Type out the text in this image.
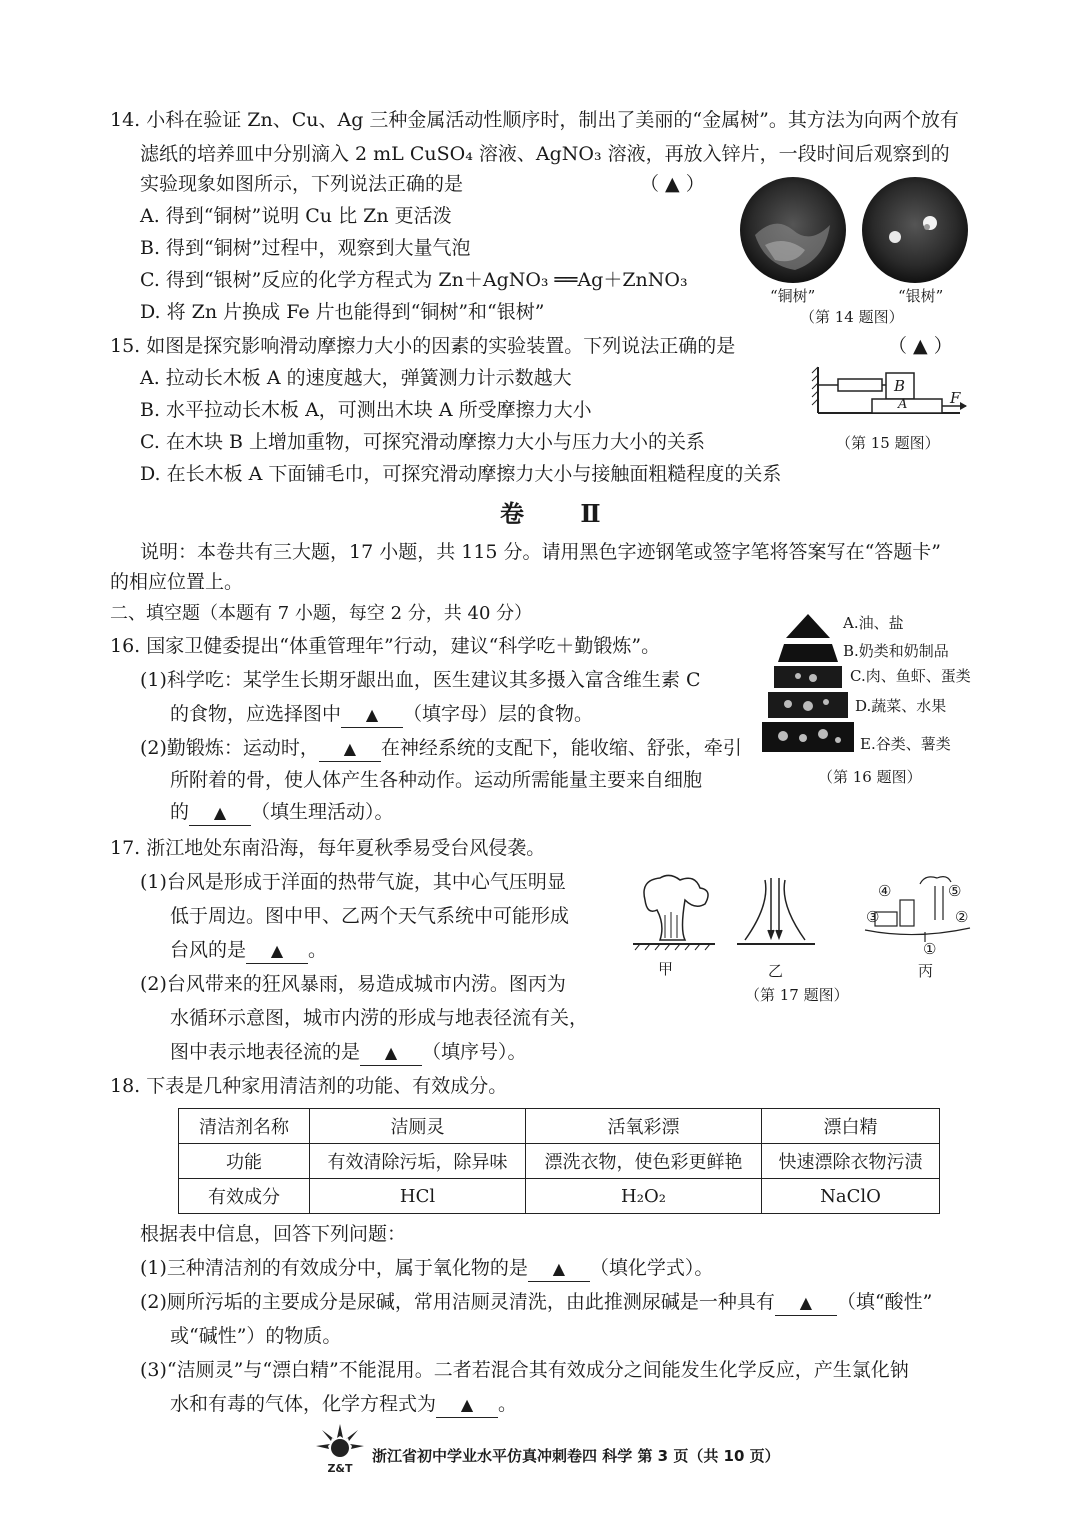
14. 小科在验证 Zn、Cu、Ag 三种金属活动性顺序时，制出了美丽的“金属树”。其方法为向两个放有
滤纸的培养皿中分别滴入 2 mL CuSO₄ 溶液、AgNO₃ 溶液，再放入锌片，一段时间后观察到的
实验现象如图所示，下列说法正确的是	（ ▲ ）
A. 得到“铜树”说明 Cu 比 Zn 更活泼
B. 得到“铜树”过程中，观察到大量气泡
C. 得到“银树”反应的化学方程式为 Zn＋AgNO₃ ══Ag＋ZnNO₃
D. 将 Zn 片换成 Fe 片也能得到“铜树”和“银树”
“铜树”	“银树”
（第 14 题图）
15. 如图是探究影响滑动摩擦力大小的因素的实验装置。下列说法正确的是	（ ▲ ）
A. 拉动长木板 A 的速度越大，弹簧测力计示数越大
B. 水平拉动长木板 A，可测出木块 A 所受摩擦力大小
C. 在木块 B 上增加重物，可探究滑动摩擦力大小与压力大小的关系
D. 在长木板 A 下面铺毛巾，可探究滑动摩擦力大小与接触面粗糙程度的关系
B
A	F
（第 15 题图）
卷 Ⅱ
说明：本卷共有三大题，17 小题，共 115 分。请用黑色字迹钢笔或签字笔将答案写在“答题卡”
的相应位置上。
二、填空题（本题有 7 小题，每空 2 分，共 40 分）
16. 国家卫健委提出“体重管理年”行动，建议“科学吃＋勤锻炼”。
(1)科学吃：某学生长期牙龈出血，医生建议其多摄入富含维生素 C
的食物，应选择图中 ▲ （填字母）层的食物。
(2)勤锻炼：运动时， ▲ 在神经系统的支配下，能收缩、舒张，牵引
所附着的骨，使人体产生各种动作。运动所需能量主要来自细胞
的 ▲ （填生理活动）。
A.油、盐
B.奶类和奶制品
C.肉、鱼虾、蛋类
D.蔬菜、水果
E.谷类、薯类
（第 16 题图）
17. 浙江地处东南沿海，每年夏秋季易受台风侵袭。
(1)台风是形成于洋面的热带气旋，其中心气压明显
低于周边。图中甲、乙两个天气系统中可能形成
台风的是 ▲ 。
(2)台风带来的狂风暴雨，易造成城市内涝。图丙为
水循环示意图，城市内涝的形成与地表径流有关，
图中表示地表径流的是 ▲ （填序号）。
④	⑤
③	②
①
甲	乙	丙
（第 17 题图）
18. 下表是几种家用清洁剂的功能、有效成分。
清洁剂名称	洁厕灵	活氧彩漂	漂白精
功能	有效清除污垢，除异味	漂洗衣物，使色彩更鲜艳	快速漂除衣物污渍
有效成分	HCl	H₂O₂	NaClO
根据表中信息，回答下列问题：
(1)三种清洁剂的有效成分中，属于氧化物的是 ▲ （填化学式）。
(2)厕所污垢的主要成分是尿碱，常用洁厕灵清洗，由此推测尿碱是一种具有 ▲ （填“酸性”
或“碱性”）的物质。
(3)“洁厕灵”与“漂白精”不能混用。二者若混合其有效成分之间能发生化学反应，产生氯化钠
水和有毒的气体，化学方程式为 ▲ 。
Z&T
浙江省初中学业水平仿真冲刺卷四 科学 第 3 页（共 10 页）
